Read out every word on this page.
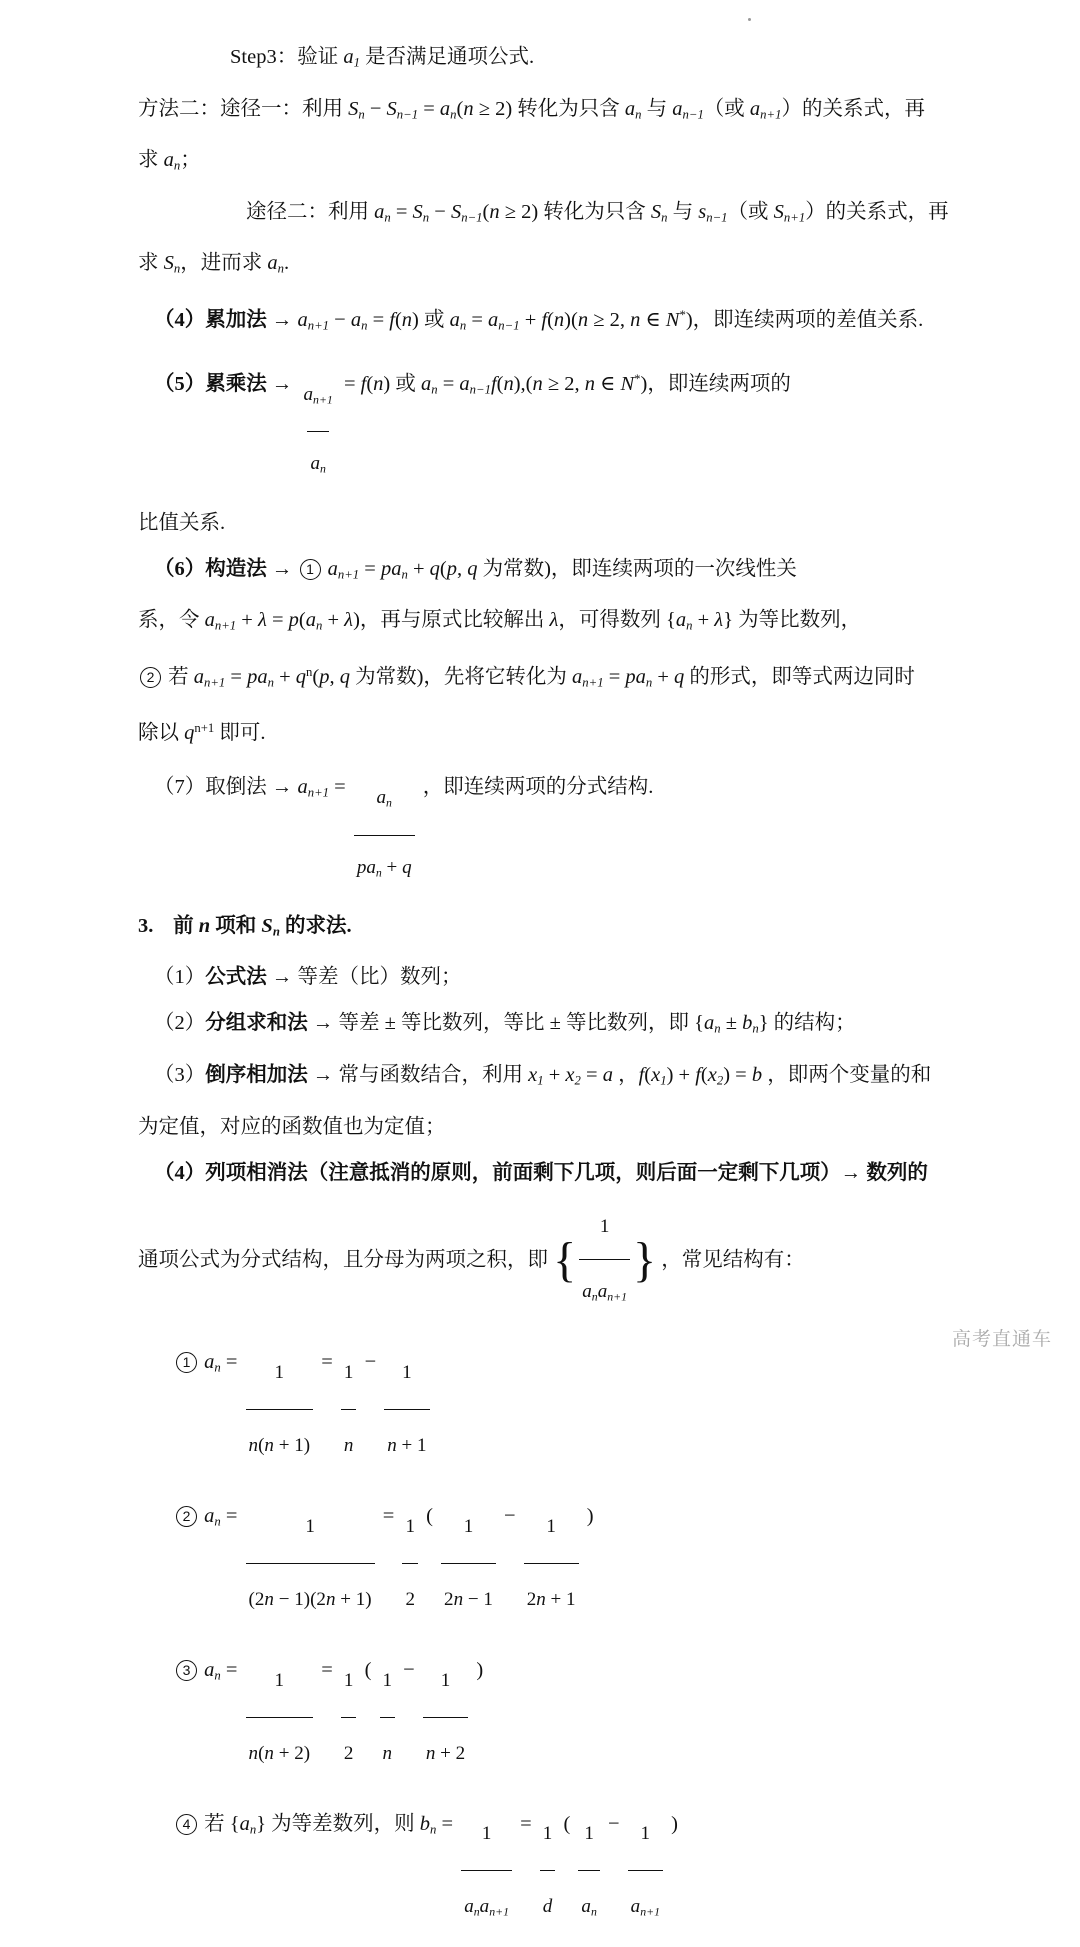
Step3：验证 $a_1$ 是否满足通项公式.
方法二：途径一：利用 $S_n - S_{n-1} = a_n(n \ge 2)$ 转化为只含 $a_n$ 与 $a_{n-1}$（或 $a_{n+1}$）的关系式，再
求 $a_n$；
途径二：利用 $a_n = S_n - S_{n-1}(n \ge 2)$ 转化为只含 $S_n$ 与 $s_{n-1}$（或 $S_{n+1}$）的关系式，再
求 $S_n$，进而求 $a_n$.
（4）累加法 → $a_{n+1} - a_n = f(n)$ 或 $a_n = a_{n-1} + f(n)(n \ge 2$, n ∈ N*)，即连续两项的差值关系.
（5）累乘法 → $\frac{a_{n+1}}{a_n} = f(n)$ 或 $a_n = a_{n-1}f(n),(n \ge 2$, n ∈ N*)，即连续两项的
比值关系.
（6）构造法 → 1 $a_{n+1} = pa_n + q(p$, q 为常数)，即连续两项的一次线性关
系，令 $a_{n+1} + \lambda = p(a_n + \lambda)$，再与原式比较解出 λ，可得数列 $\{a_n + \lambda\}$ 为等比数列，
2 若 $a_{n+1} = pa_n + q^n(p$, q 为常数)，先将它转化为 $a_{n+1} = pa_n + q$ 的形式，即等式两边同时
除以 $q^{n+1}$ 即可.
（7）取倒法 → $a_{n+1} = \frac{a_n}{pa_n + q}$ ，即连续两项的分式结构.
3. 前 n 项和 $S_n$ 的求法.
（1）公式法 → 等差（比）数列；
（2）分组求和法 → 等差 ± 等比数列，等比 ± 等比数列，即 $\{a_n \pm b_n\}$ 的结构；
（3）倒序相加法 → 常与函数结合，利用 $x_1 + x_2 = a$ ，$f(x_1) + f(x_2) = b$ ，即两个变量的和
为定值，对应的函数值也为定值；
（4）列项相消法（注意抵消的原则，前面剩下几项，则后面一定剩下几项）→ 数列的
通项公式为分式结构，且分母为两项之积，即 { $\frac{1}{a_na_{n+1}}$ } ，常见结构有：
1 $a_n = \frac{1}{n(n + 1)} = \frac{1}{n} - \frac{1}{n + 1}$
2 $a_n = \frac{1}{(2n - 1)(2n + 1)} = \frac{1}{2}$ ( $\frac{1}{2n - 1} - \frac{1}{2n + 1}$ )
3 $a_n = \frac{1}{n(n + 2)} = \frac{1}{2}$ ( $\frac{1}{n} - \frac{1}{n + 2}$ )
4 若 $\{a_n\}$ 为等差数列，则 $b_n = \frac{1}{a_na_{n+1}} = \frac{1}{d}$ ( $\frac{1}{a_n} - \frac{1}{a_{n+1}}$ )
高考直通车
